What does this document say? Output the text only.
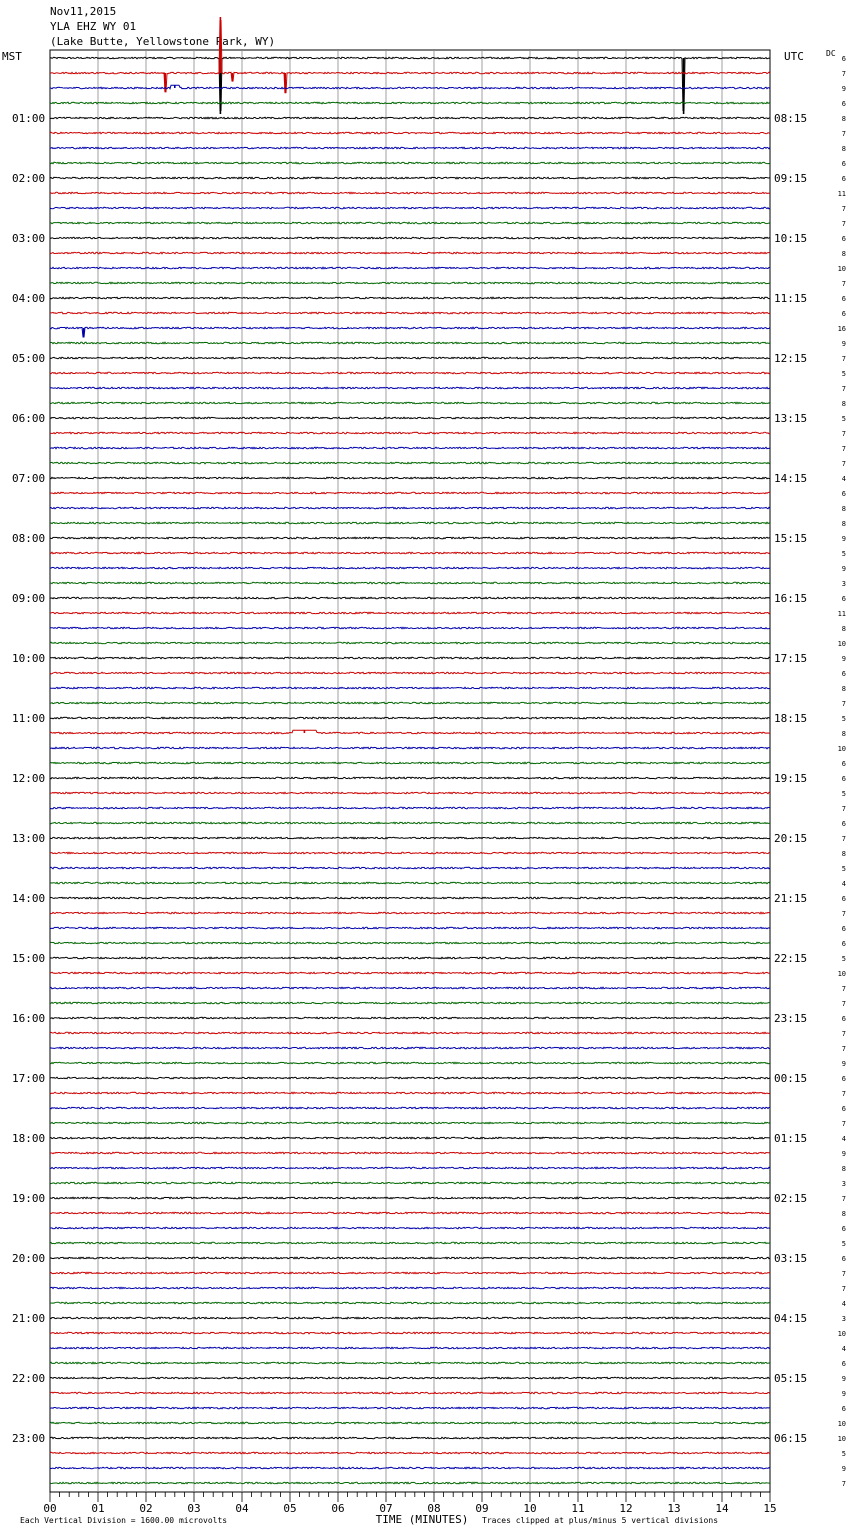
Nov11,2015
YLA EHZ WY 01
(Lake Butte, Yellowstone Park, WY)
MST	UTC	DC
TIME (MINUTES)
Each Vertical Division = 1600.00 microvolts	Traces clipped at plus/minus 5 vertical divisions
00	01	02	03	04	05	06	07	08	09	10	11	12	13	14	15
6
7
9
6
8
7
8
6
6
11
7
7
6
8
10
7
6
6
16
9
7
5
7
8
5
7
7
7
4
6
8
8
9
5
9
3
6
11
8
10
9
6
8
7
5
8
10
6
6
5
7
6
7
8
5
4
6
7
6
6
5
10
7
7
6
7
7
9
6
7
6
7
4
9
8
3
7
8
6
5
6
7
7
4
3
10
4
6
9
9
6
10
10
5
9
7
01:00
02:00
03:00
04:00
05:00
06:00
07:00
08:00
09:00
10:00
11:00
12:00
13:00
14:00
15:00
16:00
17:00
18:00
19:00
20:00
21:00
22:00
23:00
08:15
09:15
10:15
11:15
12:15
13:15
14:15
15:15
16:15
17:15
18:15
19:15
20:15
21:15
22:15
23:15
00:15
01:15
02:15
03:15
04:15
05:15
06:15
